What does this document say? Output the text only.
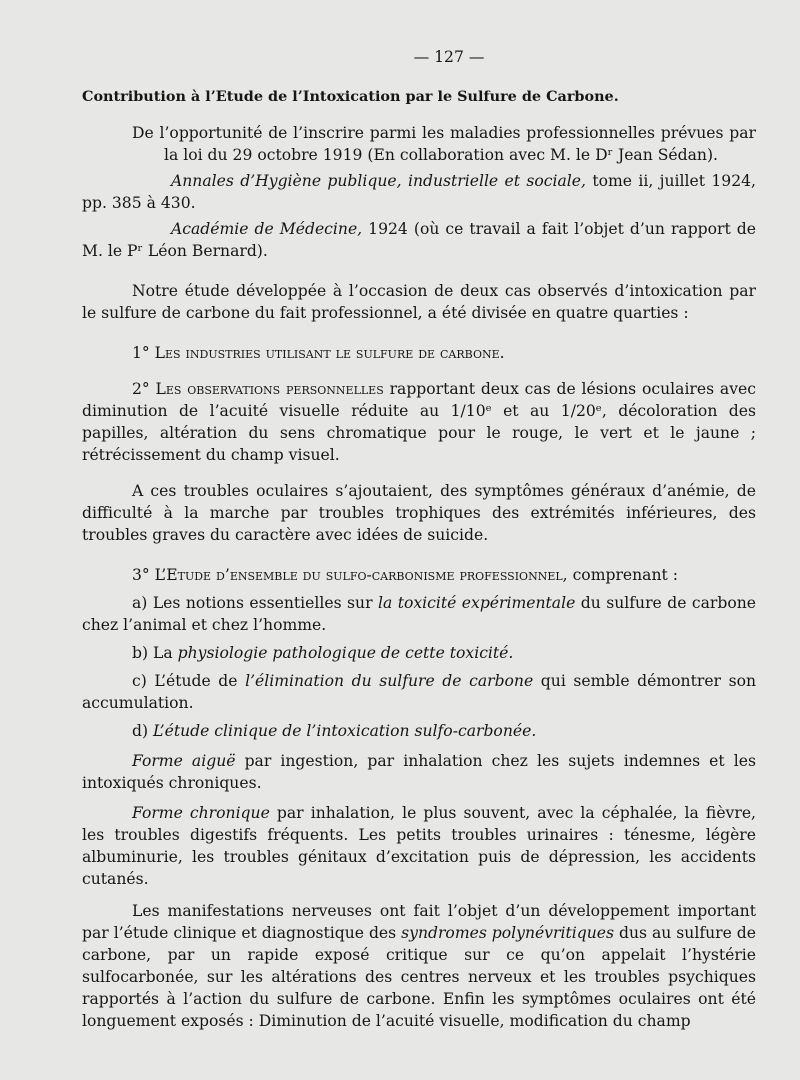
— 127 —
Contribution à l’Etude de l’Intoxication par le Sulfure de Carbone.

De l’opportunité de l’inscrire parmi les maladies professionnelles prévues par la loi du 29 octobre 1919 (En collaboration avec M. le Dʳ Jean Sédan).

Annales d’Hygiène publique, industrielle et sociale, tome ii, juillet 1924, pp. 385 à 430.

Académie de Médecine, 1924 (où ce travail a fait l’objet d’un rapport de M. le Pʳ Léon Bernard).

Notre étude développée à l’occasion de deux cas observés d’intoxication par le sulfure de carbone du fait professionnel, a été divisée en quatre quarties :

1° Les industries utilisant le sulfure de carbone.

2° Les observations personnelles rapportant deux cas de lésions oculaires avec diminution de l’acuité visuelle réduite au 1/10ᵉ et au 1/20ᵉ, décoloration des papilles, altération du sens chromatique pour le rouge, le vert et le jaune ; rétrécissement du champ visuel.

A ces troubles oculaires s’ajoutaient, des symptômes généraux d’anémie, de difficulté à la marche par troubles trophiques des extrémités inférieures, des troubles graves du caractère avec idées de suicide.

3° L’Etude d’ensemble du sulfo-carbonisme professionnel, comprenant :

a) Les notions essentielles sur la toxicité expérimentale du sulfure de carbone chez l’animal et chez l’homme.

b) La physiologie pathologique de cette toxicité.

c) L’étude de l’élimination du sulfure de carbone qui semble démontrer son accumulation.

d) L’étude clinique de l’intoxication sulfo-carbonée.

Forme aiguë par ingestion, par inhalation chez les sujets indemnes et les intoxiqués chroniques.

Forme chronique par inhalation, le plus souvent, avec la céphalée, la fièvre, les troubles digestifs fréquents. Les petits troubles urinaires : ténesme, légère albuminurie, les troubles génitaux d’excitation puis de dépression, les accidents cutanés.

Les manifestations nerveuses ont fait l’objet d’un développement important par l’étude clinique et diagnostique des syndromes polynévritiques dus au sulfure de carbone, par un rapide exposé critique sur ce qu’on appelait l’hystérie sulfocarbonée, sur les altérations des centres nerveux et les troubles psychiques rapportés à l’action du sulfure de carbone. Enfin les symptômes oculaires ont été longuement exposés : Diminution de l’acuité visuelle, modification du champ
